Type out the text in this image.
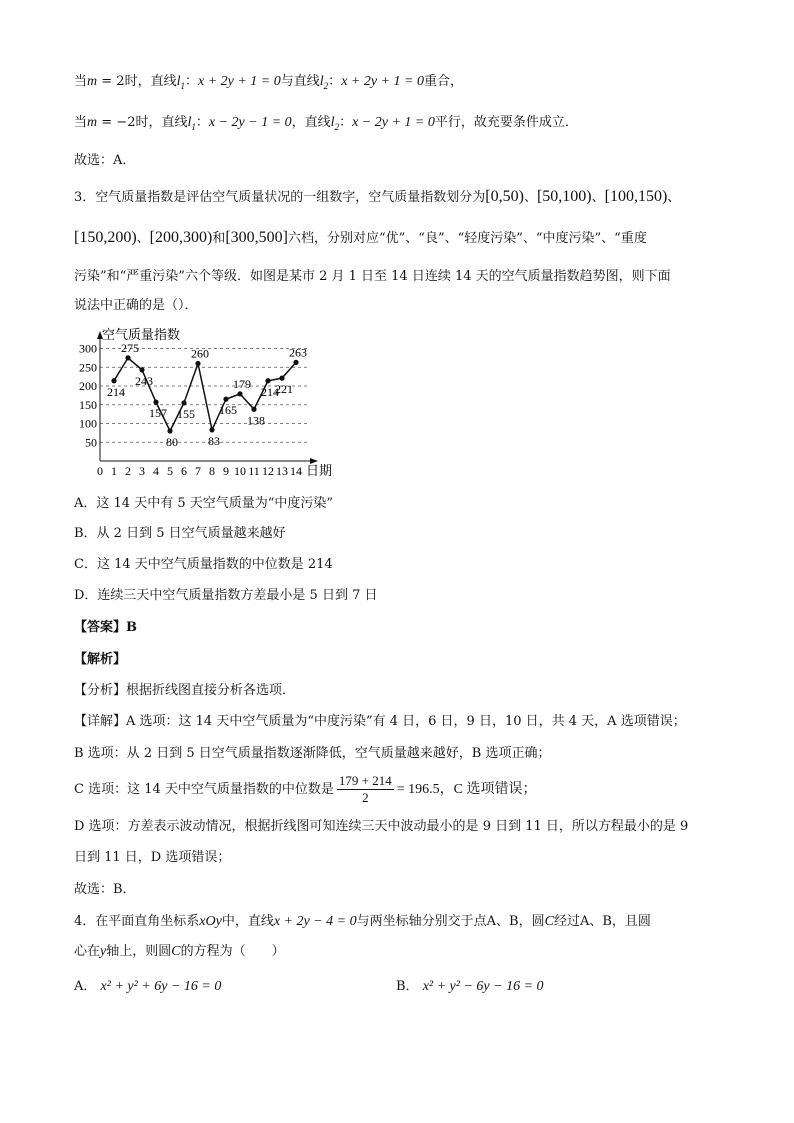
当m = 2时，直线$l_1$：x + 2y + 1 = 0与直线$l_2$：x + 2y + 1 = 0重合，
当m = −2时，直线$l_1$：x − 2y − 1 = 0，直线$l_2$：x − 2y + 1 = 0平行，故充要条件成立．
故选：A．
3．空气质量指数是评估空气质量状况的一组数字，空气质量指数划分为[0,50)、[50,100)、[100,150)、
[150,200)、[200,300)和[300,500]六档，分别对应“优”、“良”、“轻度污染”、“中度污染”、“重度
污染”和“严重污染”六个等级．如图是某市 2 月 1 日至 14 日连续 14 天的空气质量指数趋势图，则下面
说法中正确的是（）．
50
100
150
200
250
300
0 1 2 3 4 5 6 7 8 9 10 11 12 13 14
214
275
243
157
80
155
260
83
165
179
138
214
221
263
空气质量指数
日期
A．这 14 天中有 5 天空气质量为“中度污染”
B．从 2 日到 5 日空气质量越来越好
C．这 14 天中空气质量指数的中位数是 214
D．连续三天中空气质量指数方差最小是 5 日到 7 日
【答案】B
【解析】
【分析】根据折线图直接分析各选项．
【详解】A 选项：这 14 天中空气质量为“中度污染”有 4 日，6 日，9 日，10 日，共 4 天，A 选项错误；
B 选项：从 2 日到 5 日空气质量指数逐渐降低，空气质量越来越好，B 选项正确；
C 选项：这 14 天中空气质量指数的中位数是 $\frac{179 + 214}{2} = 196.5$，C 选项错误；
D 选项：方差表示波动情况，根据折线图可知连续三天中波动最小的是 9 日到 11 日，所以方程最小的是 9
日到 11 日，D 选项错误；
故选：B．
4．在平面直角坐标系xOy中，直线x + 2y − 4 = 0与两坐标轴分别交于点A、B，圆C经过A、B，且圆
心在y轴上，则圆C的方程为（　　）
A． x² + y² + 6y − 16 = 0	B． x² + y² − 6y − 16 = 0
